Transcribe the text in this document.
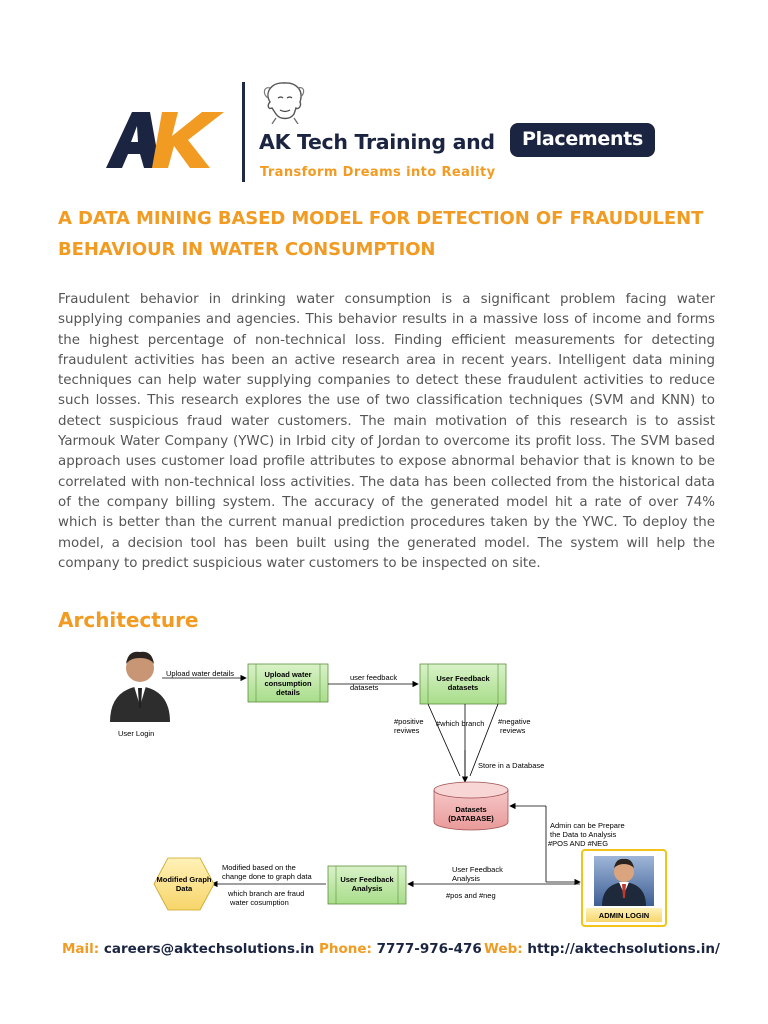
AK Tech Training and	Placements
Transform Dreams into Reality
A DATA MINING BASED MODEL FOR DETECTION OF FRAUDULENT BEHAVIOUR IN WATER CONSUMPTION

Fraudulent behavior in drinking water consumption is a significant problem facing water supplying companies and agencies. This behavior results in a massive loss of income and forms the highest percentage of non-technical loss. Finding efficient measurements for detecting fraudulent activities has been an active research area in recent years. Intelligent data mining techniques can help water supplying companies to detect these fraudulent activities to reduce such losses. This research explores the use of two classification techniques (SVM and KNN) to detect suspicious fraud water customers. The main motivation of this research is to assist Yarmouk Water Company (YWC) in Irbid city of Jordan to overcome its profit loss. The SVM based approach uses customer load profile attributes to expose abnormal behavior that is known to be correlated with non-technical loss activities. The data has been collected from the historical data of the company billing system. The accuracy of the generated model hit a rate of over 74% which is better than the current manual prediction procedures taken by the YWC. To deploy the model, a decision tool has been built using the generated model. The system will help the company to predict suspicious water customers to be inspected on site.

Architecture
User Login
Upload water details	Upload water
consumption
details
user feedback
datasets
User Feedback
datasets
#positive
reviwes
#which branch #negative
reviews
Store in a Database
Datasets
(DATABASE)
Admin can be Prepare
the Data to Analysis
#POS AND #NEG
ADMIN LOGIN
User Feedback
Analysis
User Feedback
Analysis
#pos and #neg
Modified based on the
change done to graph data
which branch are fraud
water cosumption
Modified Graph
Data
Mail: careers@aktechsolutions.in Phone: 7777-976-476 Web: http://aktechsolutions.in/
